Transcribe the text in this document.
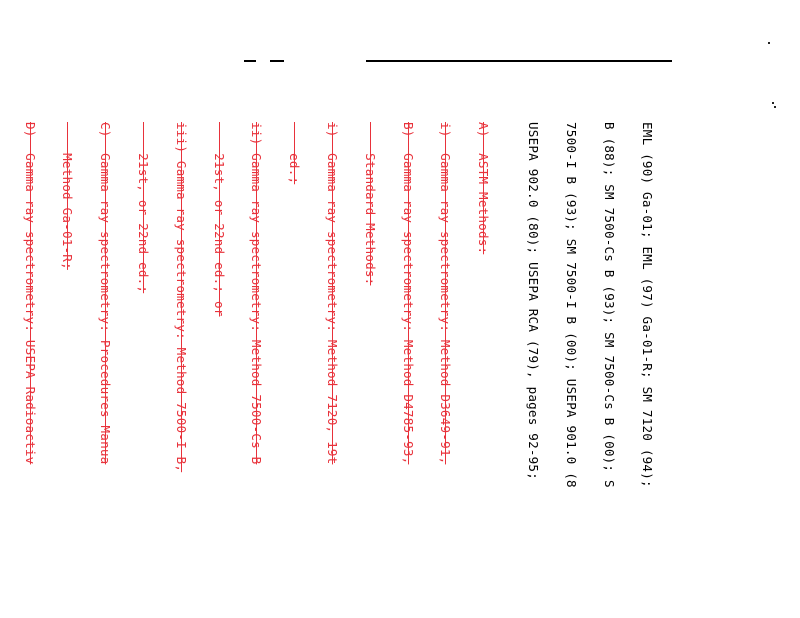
EML (90) Ga-01; EML (97) Ga-01-R; SM 7120 (94);

B (88); SM 7500-Cs B (93); SM 7500-Cs B (00); S

7500-I B (93); SM 7500-I B (00); USEPA 901.0 (8

USEPA 902.0 (80); USEPA RCA (79), pages 92-95;

A)  ASTM Methods:

i)  Gamma ray spectrometry: Method D3649-91,

B)  Gamma ray spectrometry: Method D4785-93,

Standard Methods:

i)  Gamma ray spectrometry: Method 7120, 19t

ed.;

ii) Gamma ray spectrometry: Method 7500-Cs B

21st, or 22nd ed.; or

iii) Gamma ray spectrometry: Method 7500-I B,

21st, or 22nd ed.;

C)  Gamma ray spectrometry: Procedures Manua

Method Ga-01-R;

D)  Gamma ray spectrometry: USEPA Radioactiv
